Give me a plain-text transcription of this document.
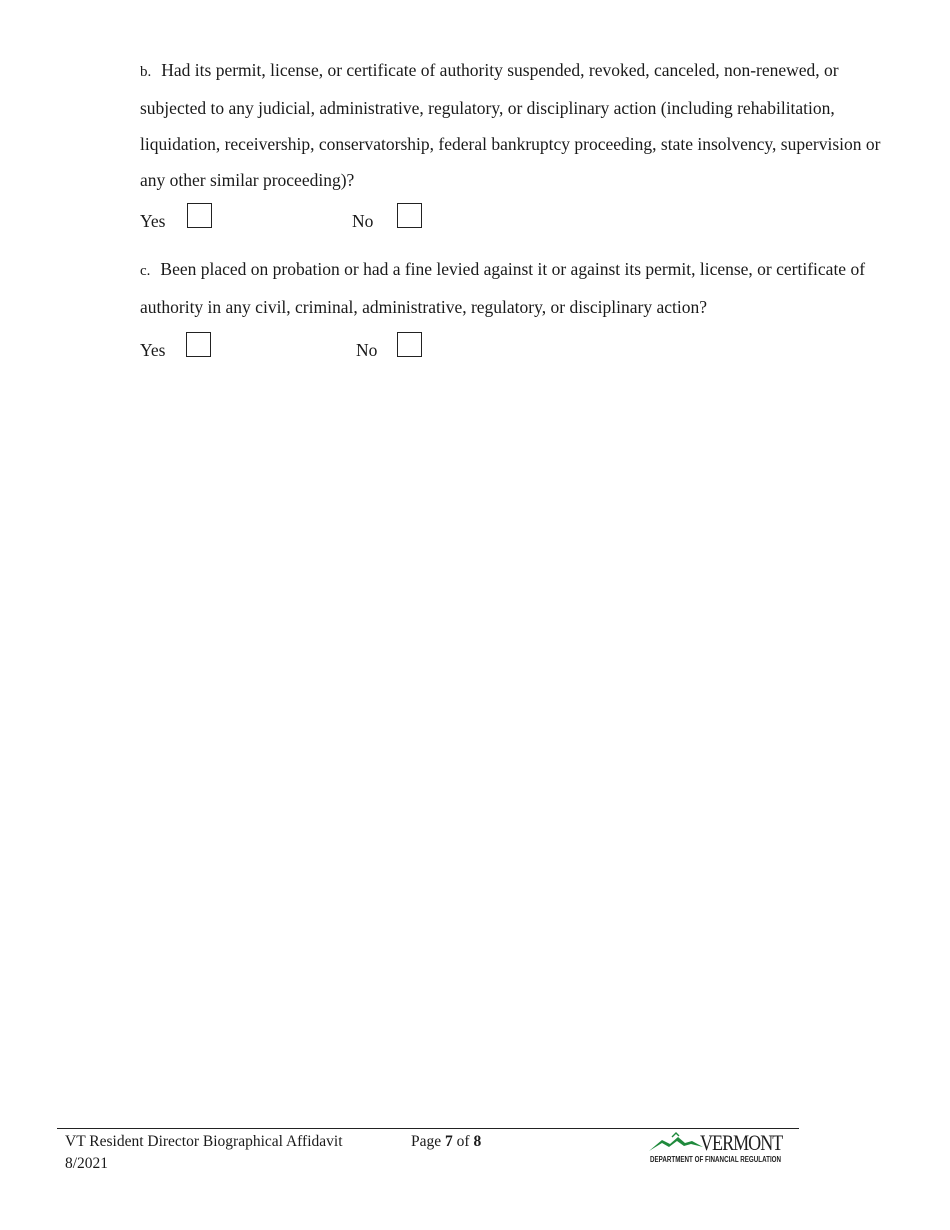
b. Had its permit, license, or certificate of authority suspended, revoked, canceled, non-renewed, or subjected to any judicial, administrative, regulatory, or disciplinary action (including rehabilitation, liquidation, receivership, conservatorship, federal bankruptcy proceeding, state insolvency, supervision or any other similar proceeding)?
Yes	No
c. Been placed on probation or had a fine levied against it or against its permit, license, or certificate of authority in any civil, criminal, administrative, regulatory, or disciplinary action?
Yes	No
VT Resident Director Biographical Affidavit
8/2021
Page 7 of 8	VERMONT
DEPARTMENT OF FINANCIAL REGULATION
